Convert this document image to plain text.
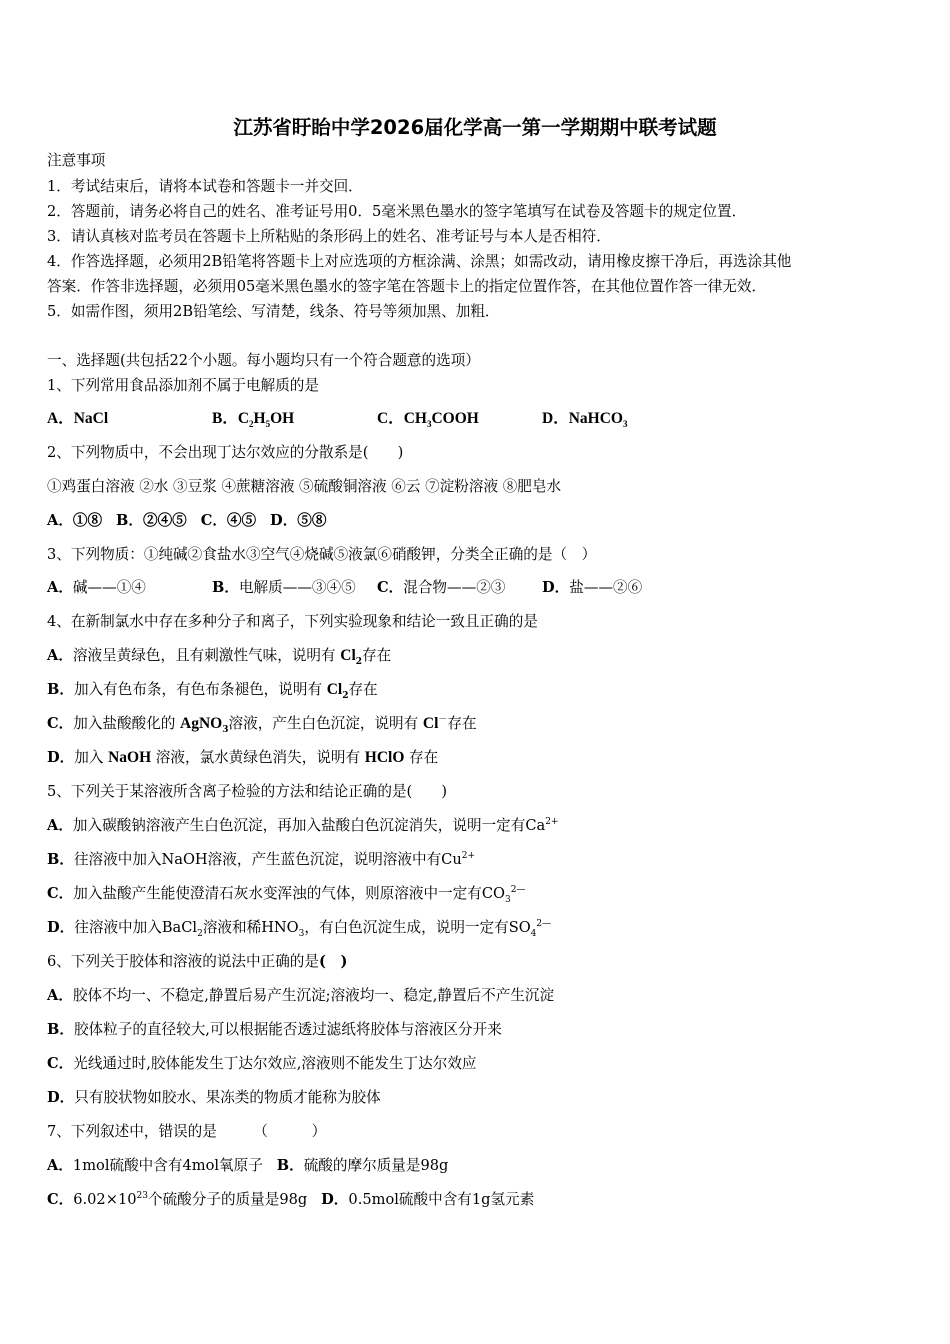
江苏省盱眙中学2026届化学高一第一学期期中联考试题
注意事项
1．考试结束后，请将本试卷和答题卡一并交回．
2．答题前，请务必将自己的姓名、准考证号用0．5毫米黑色墨水的签字笔填写在试卷及答题卡的规定位置．
3．请认真核对监考员在答题卡上所粘贴的条形码上的姓名、准考证号与本人是否相符．
4．作答选择题，必须用2B铅笔将答题卡上对应选项的方框涂满、涂黑；如需改动，请用橡皮擦干净后，再选涂其他
答案．作答非选择题，必须用05毫米黑色墨水的签字笔在答题卡上的指定位置作答，在其他位置作答一律无效．
5．如需作图，须用2B铅笔绘、写清楚，线条、符号等须加黑、加粗．
一、选择题(共包括22个小题。每小题均只有一个符合题意的选项）
1、下列常用食品添加剂不属于电解质的是
A．NaCl	B．$C_2H_5OH$	C．$CH_3COOH$	D．NaHCO$_3$
2、下列物质中，不会出现丁达尔效应的分散系是(　　)
①鸡蛋白溶液 ②水 ③豆浆 ④蔗糖溶液 ⑤硫酸铜溶液 ⑥云 ⑦淀粉溶液 ⑧肥皂水
A．①⑧ B．②④⑤ C．④⑤ D．⑤⑧
3、下列物质：①纯碱②食盐水③空气④烧碱⑤液氯⑥硝酸钾，分类全正确的是（　）
A．碱——①④	B．电解质——③④⑤ C．混合物——②③	D．盐——②⑥
4、在新制氯水中存在多种分子和离子，下列实验现象和结论一致且正确的是
A．溶液呈黄绿色，且有刺激性气味，说明有 $Cl_2$存在
B．加入有色布条，有色布条褪色，说明有 $Cl_2$存在
C．加入盐酸酸化的 AgNO$_3$溶液，产生白色沉淀，说明有 Cl－存在
D．加入 NaOH 溶液，氯水黄绿色消失，说明有 HClO 存在
5、下列关于某溶液所含离子检验的方法和结论正确的是(　　)
A．加入碳酸钠溶液产生白色沉淀，再加入盐酸白色沉淀消失，说明一定有$Ca^{2+}$
B．往溶液中加入NaOH溶液，产生蓝色沉淀，说明溶液中有$Cu^{2+}$
C．加入盐酸产生能使澄清石灰水变浑浊的气体，则原溶液中一定有$CO_3^{2—}$
D．往溶液中加入BaCl$_2$溶液和稀$HNO_3$，有白色沉淀生成，说明一定有$SO_4^{2—}$
6、下列关于胶体和溶液的说法中正确的是(　)
A．胶体不均一、不稳定,静置后易产生沉淀;溶液均一、稳定,静置后不产生沉淀
B．胶体粒子的直径较大,可以根据能否透过滤纸将胶体与溶液区分开来
C．光线通过时,胶体能发生丁达尔效应,溶液则不能发生丁达尔效应
D．只有胶状物如胶水、果冻类的物质才能称为胶体
7、下列叙述中，错误的是　　　（　　　）
A．1mol硫酸中含有4mol氧原子 B．硫酸的摩尔质量是98g
C．$6.02\times 10^{23}$个硫酸分子的质量是98g D．0.5mol硫酸中含有1g氢元素
